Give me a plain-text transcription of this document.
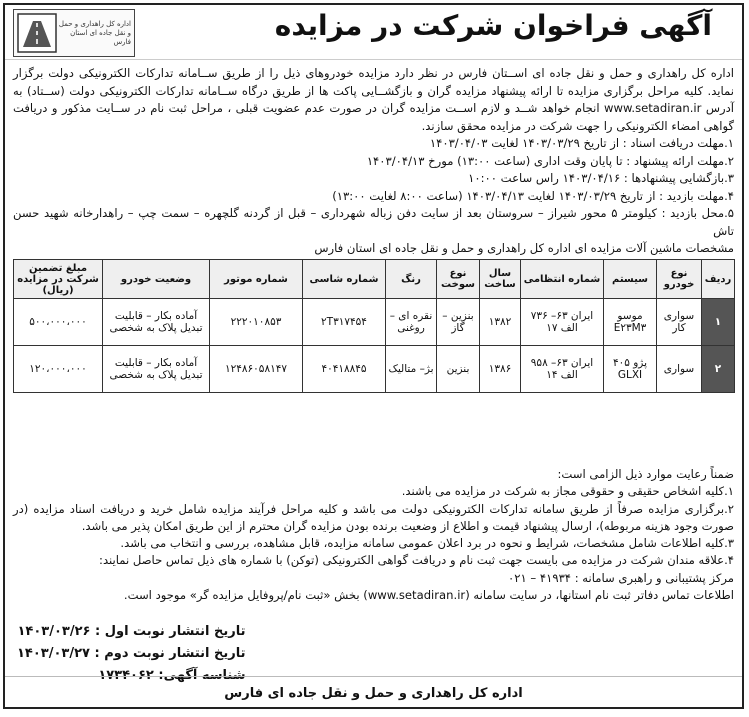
آگهی فراخوان شرکت در مزایده
اداره کل راهداری و حمل و نقل جاده ای استان فارس

اداره کل راهداری و حمل و نقل جاده ای اســتان فارس در نظر دارد مزایده خودروهای ذیل را از طریق ســامانه تدارکات الکترونیکی دولت برگزار نماید. کلیه مراحل برگزاری مزایده تا ارائه پیشنهاد مزایده گران و بازگشــایی پاکت ها از طریق درگاه ســامانه تدارکات الکترونیکی دولت (ســتاد) به آدرس www.setadiran.ir انجام خواهد شــد و لازم اســت مزایده گران در صورت عدم عضویت قبلی ، مراحل ثبت نام در ســایت مذکور و دریافت گواهی امضاء الکترونیکی را جهت شرکت در مزایده محقق سازند.

۱.مهلت دریافت اسناد : از تاریخ ۱۴۰۳/۰۳/۲۹ لغایت ۱۴۰۳/۰۴/۰۳

۲.مهلت ارائه پیشنهاد : تا پایان وقت اداری (ساعت ۱۳:۰۰) مورخ ۱۴۰۳/۰۴/۱۳

۳.بازگشایی پیشنهادها : ۱۴۰۳/۰۴/۱۶ راس ساعت ۱۰:۰۰

۴.مهلت بازدید : از تاریخ ۱۴۰۳/۰۳/۲۹ لغایت ۱۴۰۳/۰۴/۱۳ (ساعت ۸:۰۰ لغایت ۱۳:۰۰)

۵.محل بازدید : کیلومتر ۵ محور شیراز – سروستان بعد از سایت دفن زباله شهرداری – قبل از گردنه گلچهره – سمت چپ – راهدارخانه شهید حسن تاش

مشخصات ماشین آلات مزایده ای اداره کل راهداری و حمل و نقل جاده ای استان فارس

ردیف	نوع خودرو	سیستم	شماره انتظامی	سال ساخت	نوع سوخت	رنگ	شماره شاسی	شماره موتور	وضعیت خودرو	مبلغ تضمین شرکت در مزایده (ریال)
۱	سواری کار	موسو E۲۳M۳	ایران ۶۳– ۷۳۶ الف ۱۷	۱۳۸۲	بنزین – گاز	نقره ای –روغنی	۲T۳۱۷۴۵۴	۲۲۲۰۱۰۸۵۳	آماده بکار – قابلیت تبدیل پلاک به شخصی	۵۰۰،۰۰۰،۰۰۰
۲	سواری	پژو ۴۰۵ GLXI	ایران ۶۳– ۹۵۸ الف ۱۴	۱۳۸۶	بنزین	بژ– متالیک	۴۰۴۱۸۸۴۵	۱۲۴۸۶۰۵۸۱۴۷	آماده بکار – قابلیت تبدیل پلاک به شخصی	۱۲۰،۰۰۰،۰۰۰

ضمناً رعایت موارد ذیل الزامی است:

۱.کلیه اشخاص حقیقی و حقوقی مجاز به شرکت در مزایده می باشند.

۲.برگزاری مزایده صرفاً از طریق سامانه تدارکات الکترونیکی دولت می باشد و کلیه مراحل فرآیند مزایده شامل خرید و دریافت اسناد مزایده (در صورت وجود هزینه مربوطه)، ارسال پیشنهاد قیمت و اطلاع از وضعیت برنده بودن مزایده گران محترم از این طریق امکان پذیر می باشد.

۳.کلیه اطلاعات شامل مشخصات، شرایط و نحوه در برد اعلان عمومی سامانه مزایده، قابل مشاهده، بررسی و انتخاب می باشد.

۴.علاقه مندان شرکت در مزایده می بایست جهت ثبت نام و دریافت گواهی الکترونیکی (توکن) با شماره های ذیل تماس حاصل نمایند:

مرکز پشتیبانی و راهبری سامانه : ۴۱۹۳۴ – ۰۲۱

اطلاعات تماس دفاتر ثبت نام استانها، در سایت سامانه (www.setadiran.ir) بخش «ثبت نام/پروفایل مزایده گر» موجود است.

تاریخ انتشار نوبت اول : ۱۴۰۳/۰۳/۲۶
تاریخ انتشار نوبت دوم : ۱۴۰۳/۰۳/۲۷
شناسه آگهی: ۱۷۳۴۰۶۲
اداره کل راهداری و حمل و نقل جاده ای فارس
